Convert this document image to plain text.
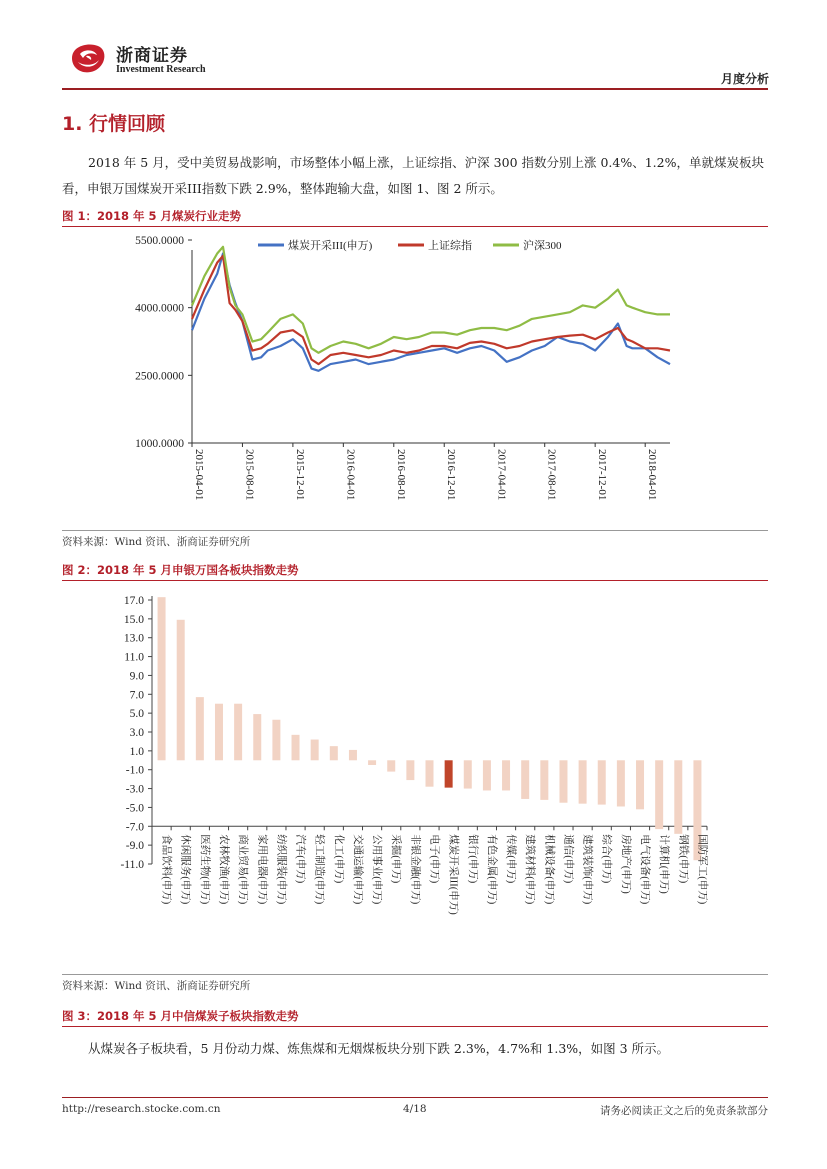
浙商证券
Investment Research
月度分析
1. 行情回顾
2018 年 5 月，受中美贸易战影响，市场整体小幅上涨，上证综指、沪深 300 指数分别上涨 0.4%、1.2%，单就煤炭板块看，申银万国煤炭开采III指数下跌 2.9%，整体跑输大盘，如图 1、图 2 所示。
图 1：2018 年 5 月煤炭行业走势
煤炭开采III(申万)	上证综指	沪深300
5500.0000
4000.0000
2500.0000
1000.0000
2015-04-01	2015-08-01	2015-12-01	2016-04-01	2016-08-01	2016-12-01	2017-04-01	2017-08-01	2017-12-01	2018-04-01
资料来源：Wind 资讯、浙商证券研究所
图 2：2018 年 5 月申银万国各板块指数走势
17.0
15.0
13.0
11.0
9.0
7.0
5.0
3.0
1.0
-1.0
-3.0
-5.0
-7.0
-9.0
-11.0 食品饮料(申万) 休闲服务(申万) 医药生物(申万) 农林牧渔(申万) 商业贸易(申万) 家用电器(申万) 纺织服装(申万) 汽车(申万) 轻工制造(申万) 化工(申万) 交通运输(申万) 公用事业(申万) 采掘(申万) 非银金融(申万) 电子(申万) 煤炭开采III(申万) 银行(申万) 有色金属(申万) 传媒(申万) 建筑材料(申万) 机械设备(申万) 通信(申万) 建筑装饰(申万) 综合(申万) 房地产(申万) 电气设备(申万) 计算机(申万) 钢铁(申万) 国防军工(申万)
资料来源：Wind 资讯、浙商证券研究所
图 3：2018 年 5 月中信煤炭子板块指数走势
从煤炭各子板块看，5 月份动力煤、炼焦煤和无烟煤板块分别下跌 2.3%，4.7%和 1.3%，如图 3 所示。
http://research.stocke.com.cn	4/18	请务必阅读正文之后的免责条款部分
